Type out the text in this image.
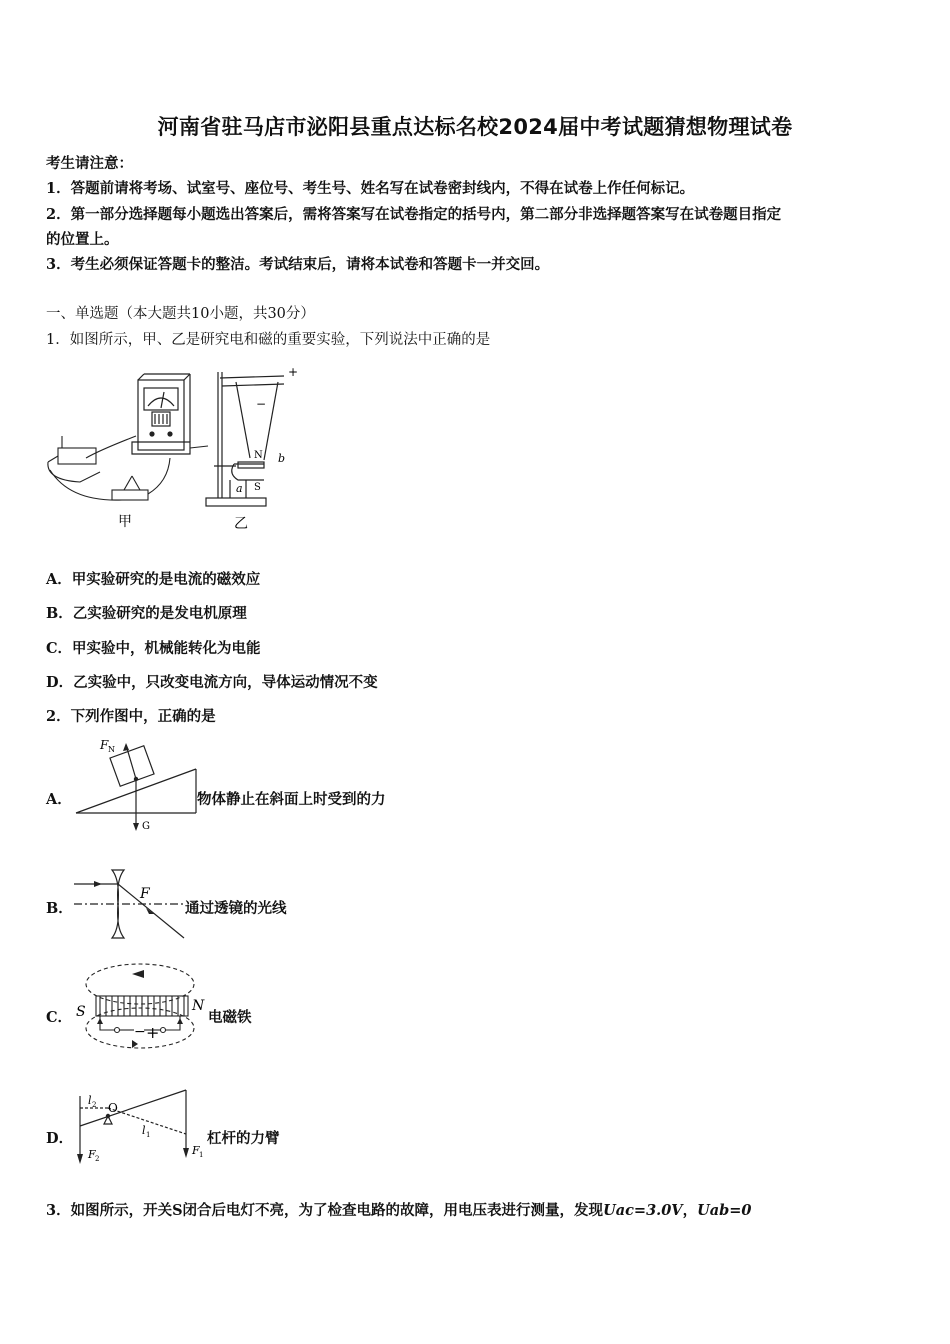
河南省驻马店市泌阳县重点达标名校2024届中考试题猜想物理试卷
考生请注意：
1．答题前请将考场、试室号、座位号、考生号、姓名写在试卷密封线内，不得在试卷上作任何标记。
2．第一部分选择题每小题选出答案后，需将答案写在试卷指定的括号内，第二部分非选择题答案写在试卷题目指定
的位置上。
3．考生必须保证答题卡的整洁。考试结束后，请将本试卷和答题卡一并交回。
一、单选题（本大题共10小题，共30分）
1．如图所示，甲、乙是研究电和磁的重要实验，下列说法中正确的是
甲
+
−
N
S
a
b
乙
A．甲实验研究的是电流的磁效应
B．乙实验研究的是发电机原理
C．甲实验中，机械能转化为电能
D．乙实验中，只改变电流方向，导体运动情况不变
2．下列作图中，正确的是
A．
F N
G
物体静止在斜面上时受到的力
B．
F
通过透镜的光线
C． S	N
− +
电磁铁
D．
l 2 O
l 1
F 2
F 1
杠杆的力臂
3．如图所示，开关S闭合后电灯不亮，为了检查电路的故障，用电压表进行测量，发现Uac=3.0V，Uab=0
